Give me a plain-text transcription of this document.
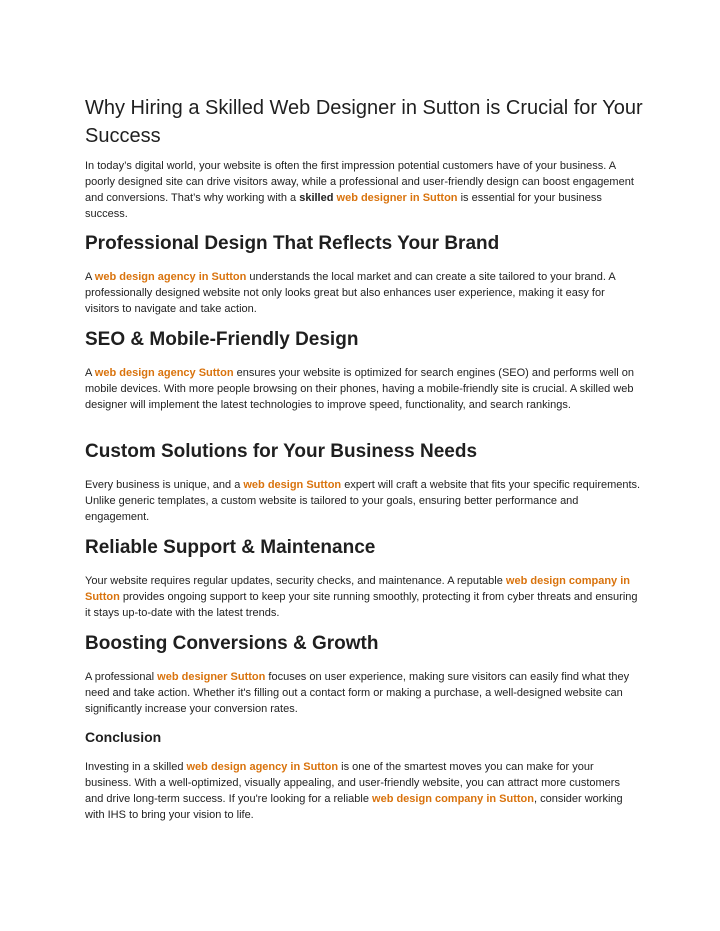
Why Hiring a Skilled Web Designer in Sutton is Crucial for Your Success

In today’s digital world, your website is often the first impression potential customers have of your business. A poorly designed site can drive visitors away, while a professional and user-friendly design can boost engagement and conversions. That’s why working with a skilled web designer in Sutton is essential for your business success.

Professional Design That Reflects Your Brand

A web design agency in Sutton understands the local market and can create a site tailored to your brand. A professionally designed website not only looks great but also enhances user experience, making it easy for visitors to navigate and take action.

SEO & Mobile-Friendly Design

A web design agency Sutton ensures your website is optimized for search engines (SEO) and performs well on mobile devices. With more people browsing on their phones, having a mobile-friendly site is crucial. A skilled web designer will implement the latest technologies to improve speed, functionality, and search rankings.

Custom Solutions for Your Business Needs

Every business is unique, and a web design Sutton expert will craft a website that fits your specific requirements. Unlike generic templates, a custom website is tailored to your goals, ensuring better performance and engagement.

Reliable Support & Maintenance

Your website requires regular updates, security checks, and maintenance. A reputable web design company in Sutton provides ongoing support to keep your site running smoothly, protecting it from cyber threats and ensuring it stays up-to-date with the latest trends.

Boosting Conversions & Growth

A professional web designer Sutton focuses on user experience, making sure visitors can easily find what they need and take action. Whether it's filling out a contact form or making a purchase, a well-designed website can significantly increase your conversion rates.

Conclusion

Investing in a skilled web design agency in Sutton is one of the smartest moves you can make for your business. With a well-optimized, visually appealing, and user-friendly website, you can attract more customers and drive long-term success. If you're looking for a reliable web design company in Sutton, consider working with IHS to bring your vision to life.
